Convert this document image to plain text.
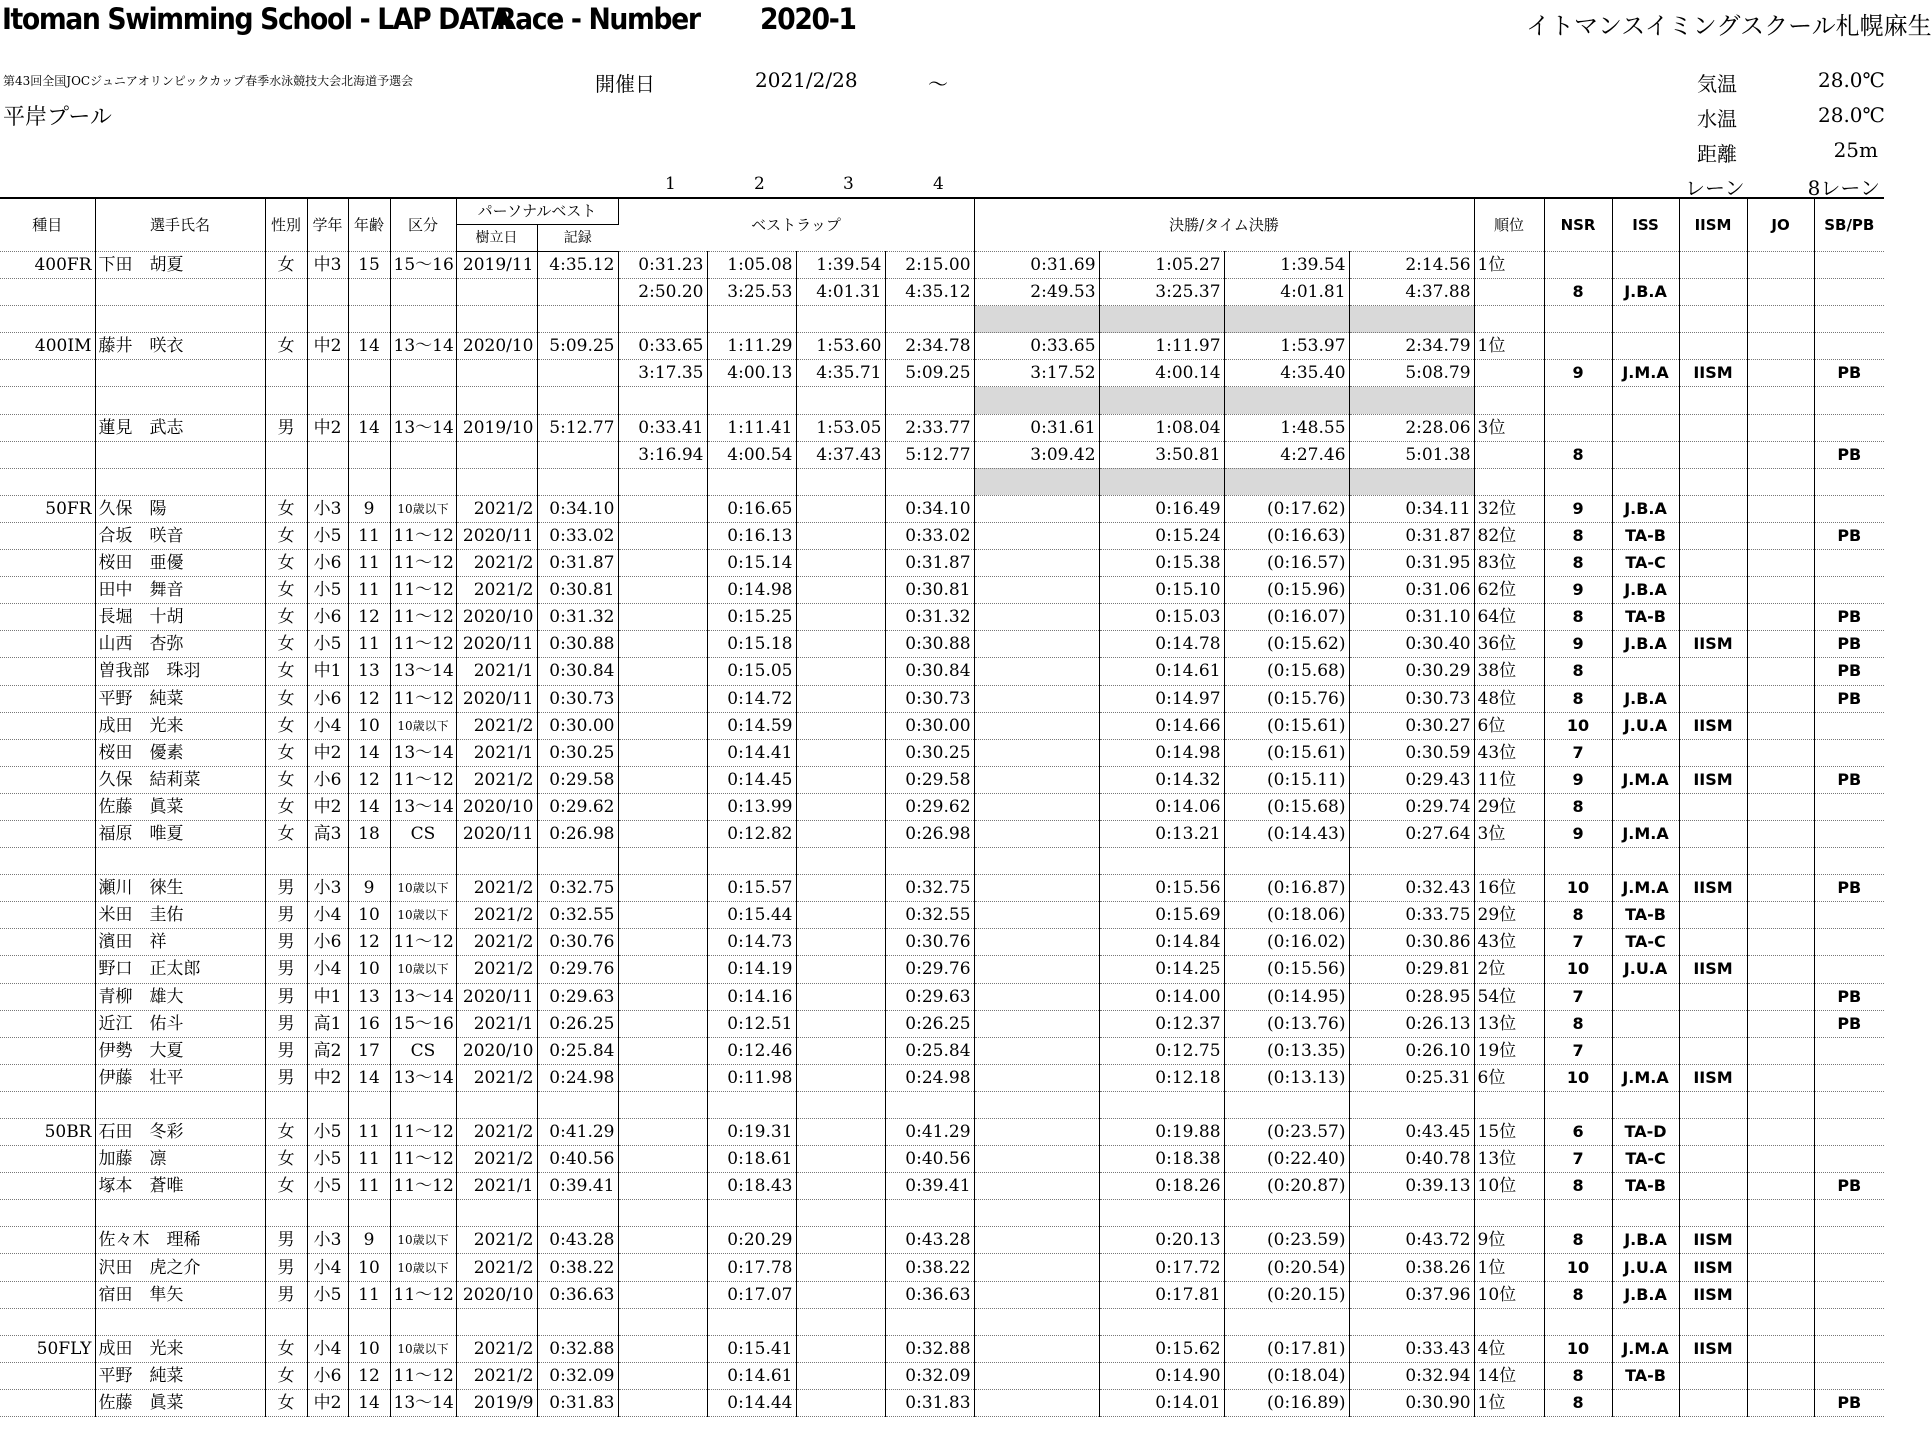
Itoman Swimming School - LAP DATA
Race - Number 2020-1	イトマンスイミングスクール札幌麻生
第43回全国JOCジュニアオリンピックカップ春季水泳競技大会北海道予選会
平岸プール
開催日	2021/2/28	～	気温	28.0℃
水温	28.0℃
距離	25m
レーン	8レーン
1	2	3	4
種目	選手氏名	性別	学年	年齢	区分	パーソナルベスト		ベストラップ				決勝/タイム決勝				順位	NSR	ISS	IISM	JO	SB/PB
						樹立日	記録														
400FR	下田　胡夏	女	中3	15	15～16	2019/11	4:35.12	0:31.23	1:05.08	1:39.54	2:15.00	0:31.69	1:05.27	1:39.54	2:14.56	1位					
								2:50.20	3:25.53	4:01.31	4:35.12	2:49.53	3:25.37	4:01.81	4:37.88		8	J.B.A			

400IM	藤井　咲衣	女	中2	14	13～14	2020/10	5:09.25	0:33.65	1:11.29	1:53.60	2:34.78	0:33.65	1:11.97	1:53.97	2:34.79	1位					
								3:17.35	4:00.13	4:35.71	5:09.25	3:17.52	4:00.14	4:35.40	5:08.79		9	J.M.A	IISM		PB

	蓮見　武志	男	中2	14	13～14	2019/10	5:12.77	0:33.41	1:11.41	1:53.05	2:33.77	0:31.61	1:08.04	1:48.55	2:28.06	3位					
								3:16.94	4:00.54	4:37.43	5:12.77	3:09.42	3:50.81	4:27.46	5:01.38		8				PB

50FR	久保　陽	女	小3	9	10歳以下	2021/2	0:34.10		0:16.65		0:34.10		0:16.49	(0:17.62)	0:34.11	32位	9	J.B.A			
	合坂　咲音	女	小5	11	11～12	2020/11	0:33.02		0:16.13		0:33.02		0:15.24	(0:16.63)	0:31.87	82位	8	TA-B			PB
	桜田　亜優	女	小6	11	11～12	2021/2	0:31.87		0:15.14		0:31.87		0:15.38	(0:16.57)	0:31.95	83位	8	TA-C			
	田中　舞音	女	小5	11	11～12	2021/2	0:30.81		0:14.98		0:30.81		0:15.10	(0:15.96)	0:31.06	62位	9	J.B.A			
	長堀　十胡	女	小6	12	11～12	2020/10	0:31.32		0:15.25		0:31.32		0:15.03	(0:16.07)	0:31.10	64位	8	TA-B			PB
	山西　杏弥	女	小5	11	11～12	2020/11	0:30.88		0:15.18		0:30.88		0:14.78	(0:15.62)	0:30.40	36位	9	J.B.A	IISM		PB
	曽我部　珠羽	女	中1	13	13～14	2021/1	0:30.84		0:15.05		0:30.84		0:14.61	(0:15.68)	0:30.29	38位	8				PB
	平野　純菜	女	小6	12	11～12	2020/11	0:30.73		0:14.72		0:30.73		0:14.97	(0:15.76)	0:30.73	48位	8	J.B.A			PB
	成田　光来	女	小4	10	10歳以下	2021/2	0:30.00		0:14.59		0:30.00		0:14.66	(0:15.61)	0:30.27	6位	10	J.U.A	IISM		
	桜田　優素	女	中2	14	13～14	2021/1	0:30.25		0:14.41		0:30.25		0:14.98	(0:15.61)	0:30.59	43位	7				
	久保　結莉菜	女	小6	12	11～12	2021/2	0:29.58		0:14.45		0:29.58		0:14.32	(0:15.11)	0:29.43	11位	9	J.M.A	IISM		PB
	佐藤　眞菜	女	中2	14	13～14	2020/10	0:29.62		0:13.99		0:29.62		0:14.06	(0:15.68)	0:29.74	29位	8				
	福原　唯夏	女	高3	18	CS	2020/11	0:26.98		0:12.82		0:26.98		0:13.21	(0:14.43)	0:27.64	3位	9	J.M.A			

	瀬川　徠生	男	小3	9	10歳以下	2021/2	0:32.75		0:15.57		0:32.75		0:15.56	(0:16.87)	0:32.43	16位	10	J.M.A	IISM		PB
	米田　圭佑	男	小4	10	10歳以下	2021/2	0:32.55		0:15.44		0:32.55		0:15.69	(0:18.06)	0:33.75	29位	8	TA-B			
	濱田　祥	男	小6	12	11～12	2021/2	0:30.76		0:14.73		0:30.76		0:14.84	(0:16.02)	0:30.86	43位	7	TA-C			
	野口　正太郎	男	小4	10	10歳以下	2021/2	0:29.76		0:14.19		0:29.76		0:14.25	(0:15.56)	0:29.81	2位	10	J.U.A	IISM		
	青柳　雄大	男	中1	13	13～14	2020/11	0:29.63		0:14.16		0:29.63		0:14.00	(0:14.95)	0:28.95	54位	7				PB
	近江　佑斗	男	高1	16	15～16	2021/1	0:26.25		0:12.51		0:26.25		0:12.37	(0:13.76)	0:26.13	13位	8				PB
	伊勢　大夏	男	高2	17	CS	2020/10	0:25.84		0:12.46		0:25.84		0:12.75	(0:13.35)	0:26.10	19位	7				
	伊藤　壮平	男	中2	14	13～14	2021/2	0:24.98		0:11.98		0:24.98		0:12.18	(0:13.13)	0:25.31	6位	10	J.M.A	IISM		

50BR	石田　冬彩	女	小5	11	11～12	2021/2	0:41.29		0:19.31		0:41.29		0:19.88	(0:23.57)	0:43.45	15位	6	TA-D			
	加藤　凛	女	小5	11	11～12	2021/2	0:40.56		0:18.61		0:40.56		0:18.38	(0:22.40)	0:40.78	13位	7	TA-C			
	塚本　蒼唯	女	小5	11	11～12	2021/1	0:39.41		0:18.43		0:39.41		0:18.26	(0:20.87)	0:39.13	10位	8	TA-B			PB

	佐々木　理稀	男	小3	9	10歳以下	2021/2	0:43.28		0:20.29		0:43.28		0:20.13	(0:23.59)	0:43.72	9位	8	J.B.A	IISM		
	沢田　虎之介	男	小4	10	10歳以下	2021/2	0:38.22		0:17.78		0:38.22		0:17.72	(0:20.54)	0:38.26	1位	10	J.U.A	IISM		
	宿田　隼矢	男	小5	11	11～12	2020/10	0:36.63		0:17.07		0:36.63		0:17.81	(0:20.15)	0:37.96	10位	8	J.B.A	IISM		

50FLY	成田　光来	女	小4	10	10歳以下	2021/2	0:32.88		0:15.41		0:32.88		0:15.62	(0:17.81)	0:33.43	4位	10	J.M.A	IISM		
	平野　純菜	女	小6	12	11～12	2021/2	0:32.09		0:14.61		0:32.09		0:14.90	(0:18.04)	0:32.94	14位	8	TA-B			
	佐藤　眞菜	女	中2	14	13～14	2019/9	0:31.83		0:14.44		0:31.83		0:14.01	(0:16.89)	0:30.90	1位	8				PB
